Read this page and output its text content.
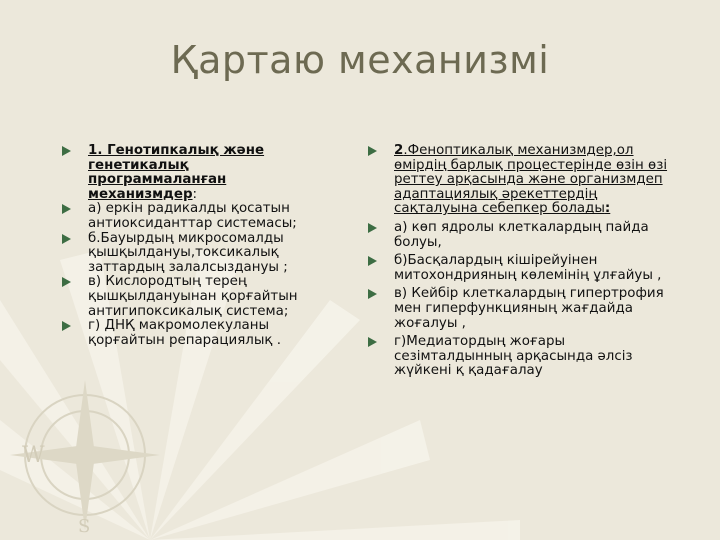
W
S
Қартаю механизмі
1. Генотипкалық және генетикалық программаланған механизмдер:
а) еркін радикалды қосатын антиоксиданттар системасы;
б.Бауырдың микросомалды қышқылдануы,токсикалық заттардың залалсыздануы ;
в) Кислородтың терең қышқылдануынан қорғайтын антигипоксикалық система;
г) ДНҚ макромолекуланы қорғайтын репарациялық .
2.Феноптикалық механизмдер,ол өмірдің барлық процестерінде өзін өзі реттеу арқасында және организмдеп адаптациялық әрекеттердің сақталуына себепкер болады:
а) көп ядролы клеткалардың пайда болуы,
б)Басқалардың кішірейуінен митохондрияның көлемінің ұлғайуы ,
в) Кейбір клеткалардың гипертрофия мен гиперфункцияның жағдайда жоғалуы ,
г)Медиатордың жоғары сезімталдынның арқасында әлсіз жүйкені қ қадағалау
